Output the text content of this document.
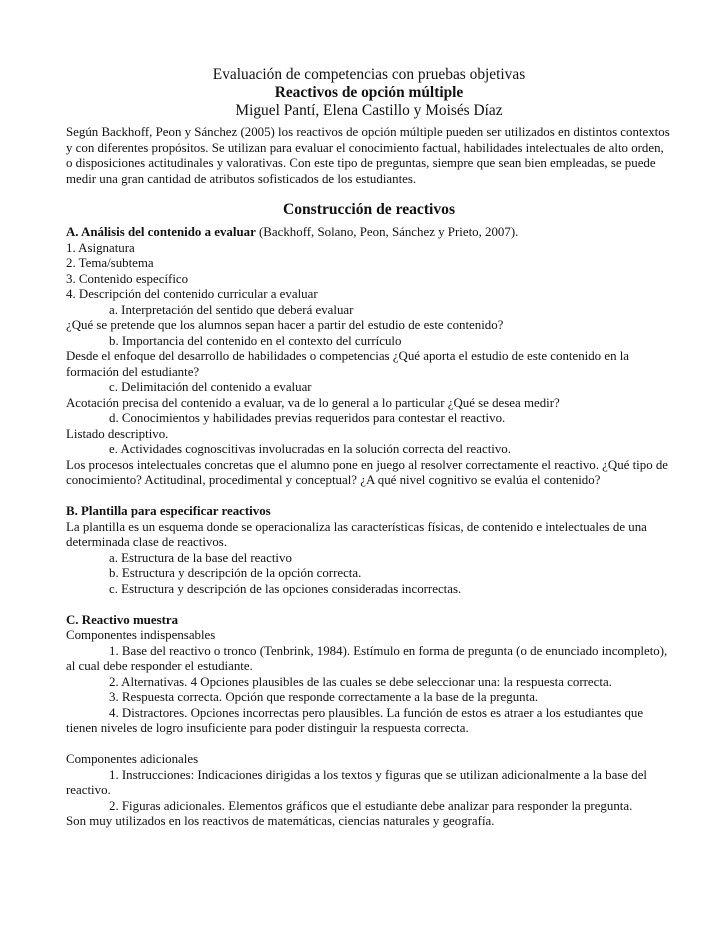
Evaluación de competencias con pruebas objetivas
Reactivos de opción múltiple
Miguel Pantí, Elena Castillo y Moisés Díaz

Según Backhoff, Peon y Sánchez (2005) los reactivos de opción múltiple pueden ser utilizados en distintos contextos y con diferentes propósitos. Se utilizan para evaluar el conocimiento factual, habilidades intelectuales de alto orden, o disposiciones actitudinales y valorativas. Con este tipo de preguntas, siempre que sean bien empleadas, se puede medir una gran cantidad de atributos sofisticados de los estudiantes.

Construcción de reactivos

A. Análisis del contenido a evaluar (Backhoff, Solano, Peon, Sánchez y Prieto, 2007).

1. Asignatura

2. Tema/subtema

3. Contenido específico

4. Descripción del contenido curricular a evaluar

a. Interpretación del sentido que deberá evaluar

¿Qué se pretende que los alumnos sepan hacer a partir del estudio de este contenido?

b. Importancia del contenido en el contexto del currículo

Desde el enfoque del desarrollo de habilidades o competencias ¿Qué aporta el estudio de este contenido en la formación del estudiante?

c. Delimitación del contenido a evaluar

Acotación precisa del contenido a evaluar, va de lo general a lo particular ¿Qué se desea medir?

d. Conocimientos y habilidades previas requeridos para contestar el reactivo.

Listado descriptivo.

e. Actividades cognoscitivas involucradas en la solución correcta del reactivo.

Los procesos intelectuales concretas que el alumno pone en juego al resolver correctamente el reactivo. ¿Qué tipo de conocimiento? Actitudinal, procedimental y conceptual? ¿A qué nivel cognitivo se evalúa el contenido?

B. Plantilla para especificar reactivos

La plantilla es un esquema donde se operacionaliza las características físicas, de contenido e intelectuales de una determinada clase de reactivos.

a. Estructura de la base del reactivo

b. Estructura y descripción de la opción correcta.

c. Estructura y descripción de las opciones consideradas incorrectas.

C. Reactivo muestra

Componentes indispensables

1. Base del reactivo o tronco (Tenbrink, 1984). Estímulo en forma de pregunta (o de enunciado incompleto), al cual debe responder el estudiante.

2. Alternativas. 4 Opciones plausibles de las cuales se debe seleccionar una: la respuesta correcta.

3. Respuesta correcta. Opción que responde correctamente a la base de la pregunta.

4. Distractores. Opciones incorrectas pero plausibles. La función de estos es atraer a los estudiantes que tienen niveles de logro insuficiente para poder distinguir la respuesta correcta.

Componentes adicionales

1. Instrucciones: Indicaciones dirigidas a los textos y figuras que se utilizan adicionalmente a la base del reactivo.

2. Figuras adicionales. Elementos gráficos que el estudiante debe analizar para responder la pregunta.

Son muy utilizados en los reactivos de matemáticas, ciencias naturales y geografía.
